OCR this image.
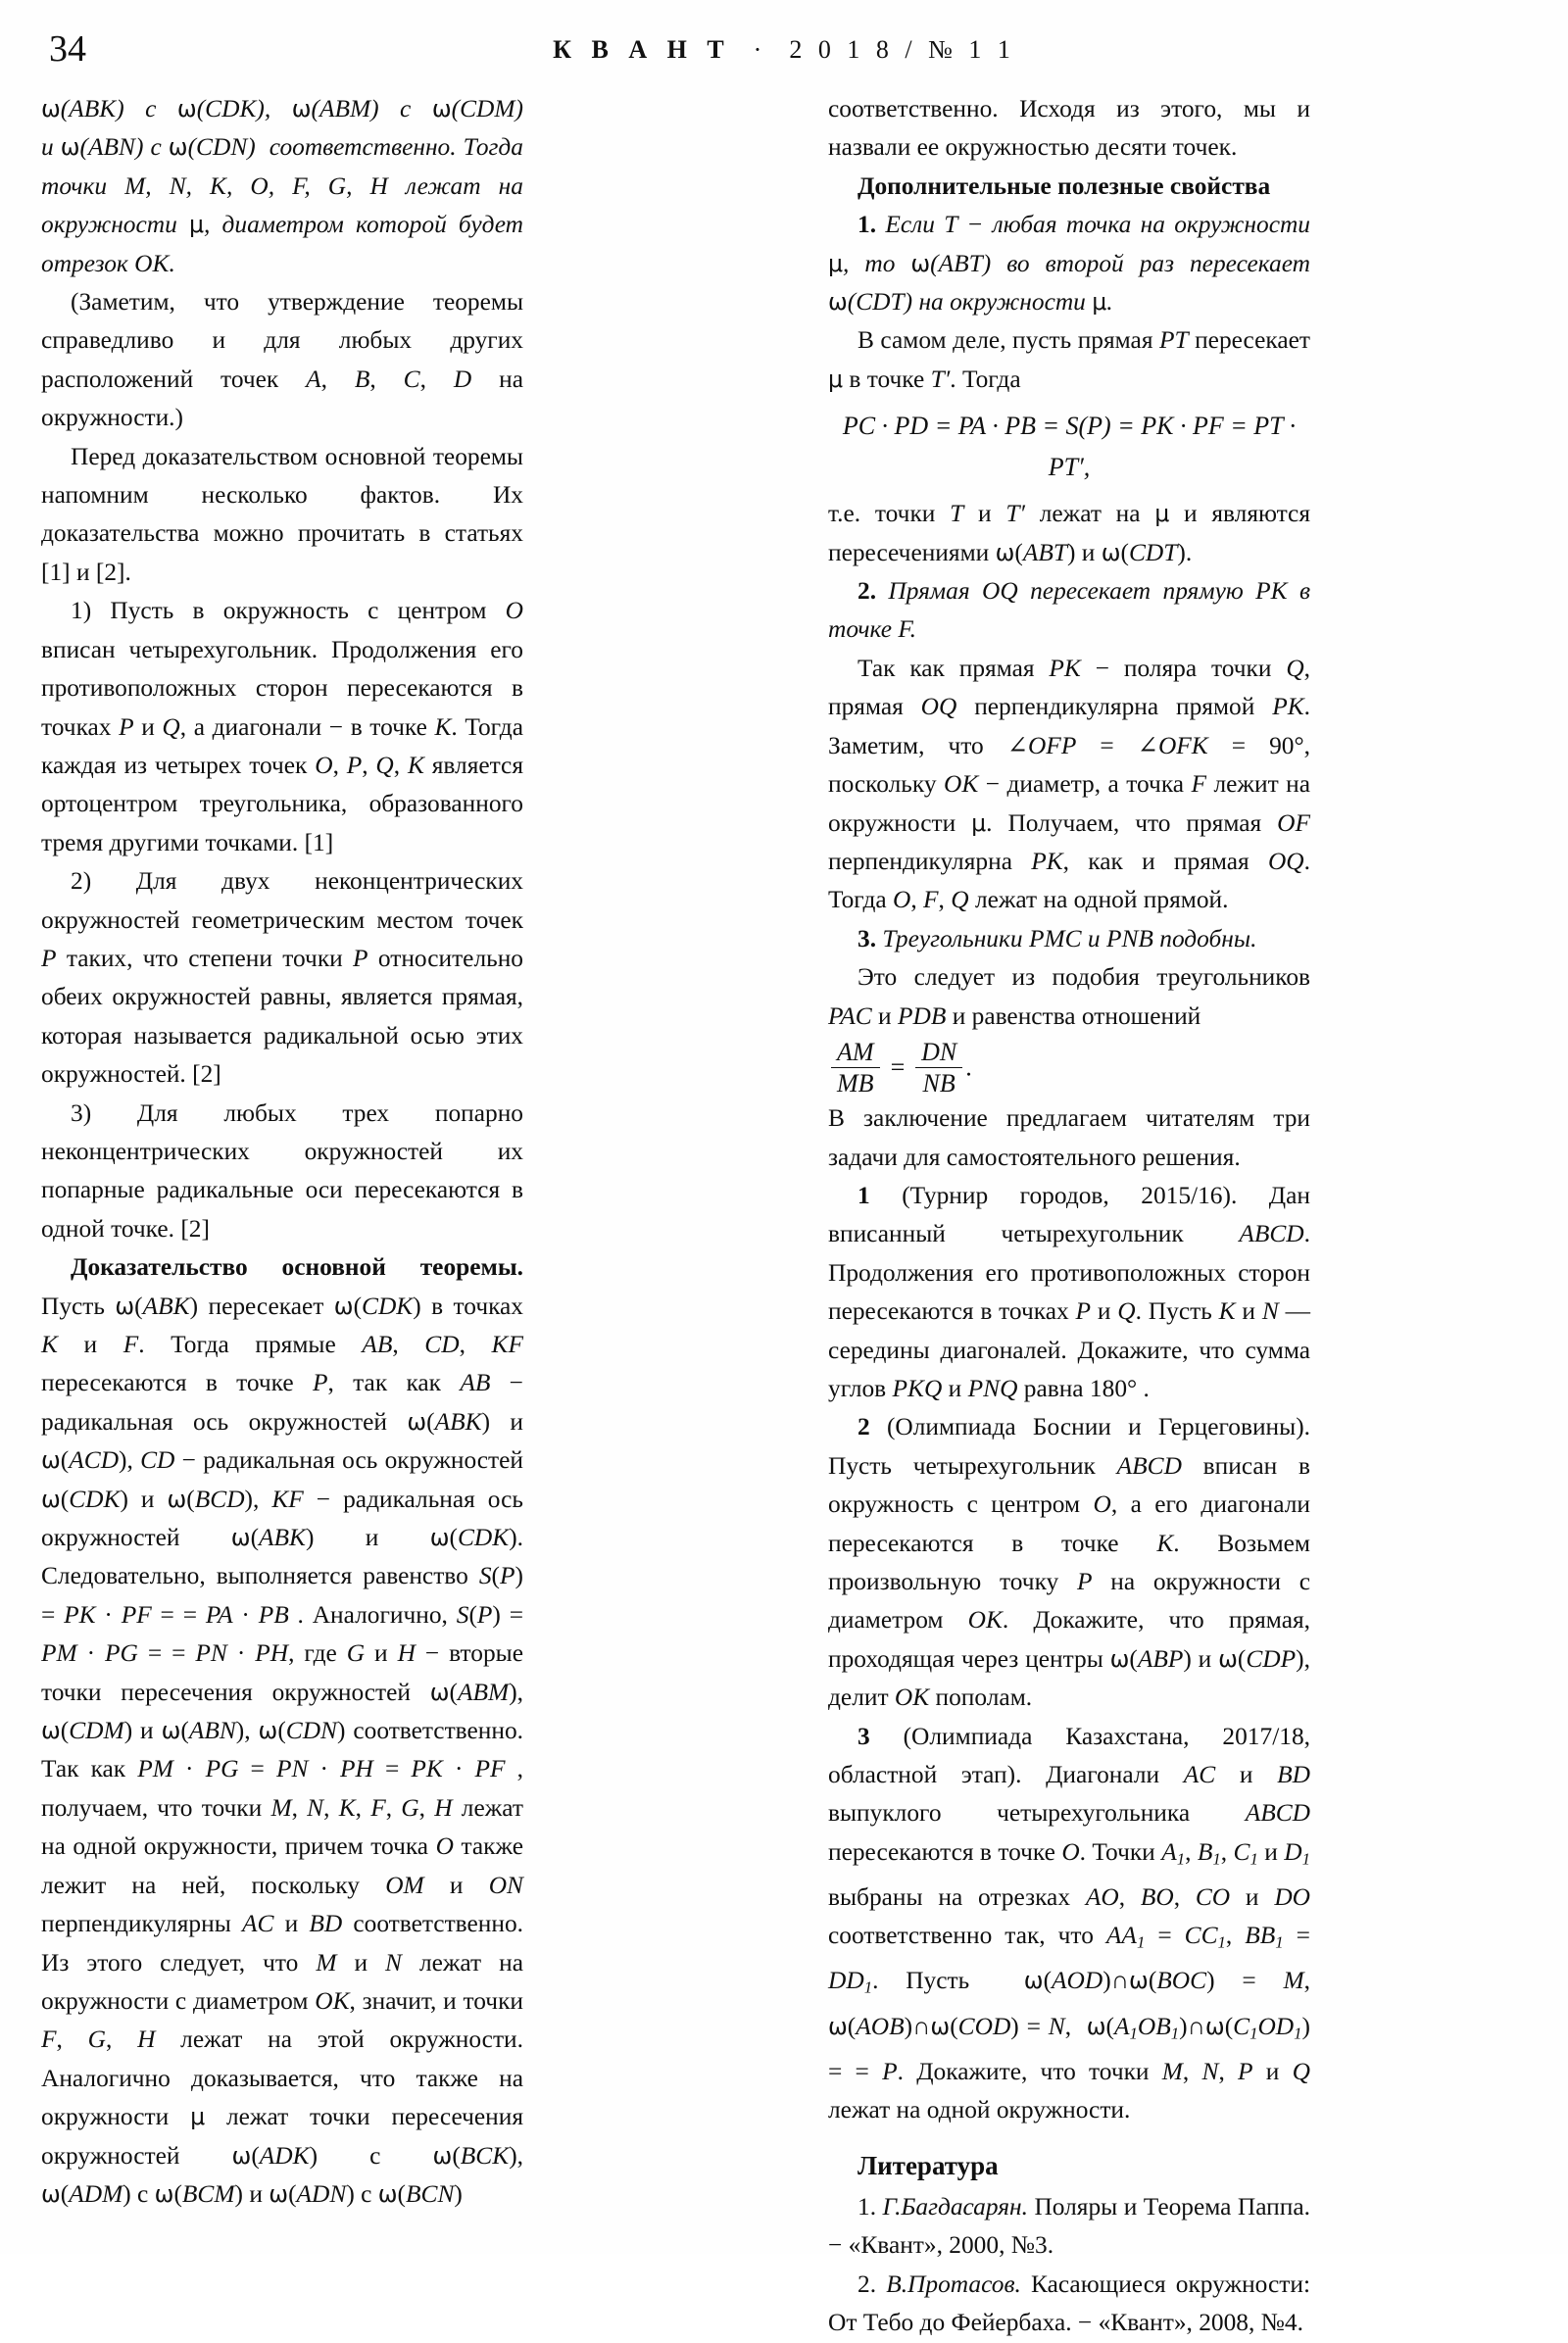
34	К В А Н Т · 2 0 1 8 / № 1 1

ω(ABK) c ω(CDK), ω(ABM) c ω(CDM) и ω(ABN) c ω(CDN)  соответственно. Тогда точки M, N, K, O, F, G, H лежат на окружности μ, диаметром которой будет отрезок OK.

(Заметим, что утверждение теоремы справедливо и для любых других расположений точек A, B, C, D на окружности.)

Перед доказательством основной теоремы напомним несколько фактов. Их доказательства можно прочитать в статьях [1] и [2].

1) Пусть в окружность с центром O вписан четырехугольник. Продолжения его противоположных сторон пересекаются в точках P и Q, а диагонали − в точке K. Тогда каждая из четырех точек O, P, Q, K является ортоцентром треугольника, образованного тремя другими точками. [1]

2) Для двух неконцентрических окружностей геометрическим местом точек P таких, что степени точки P относительно обеих окружностей равны, является прямая, которая называется радикальной осью этих окружностей. [2]

3) Для любых трех попарно неконцентрических окружностей их попарные радикальные оси пересекаются в одной точке. [2]

Доказательство основной теоремы. Пусть ω(ABK) пересекает ω(CDK) в точках K и F. Тогда прямые AB, CD, KF пересекаются в точке P, так как AB − радикальная ось окружностей ω(ABK) и ω(ACD), CD − радикальная ось окружностей ω(CDK) и ω(BCD), KF − радикальная ось окружностей ω(ABK) и ω(CDK). Следовательно, выполняется равенство S(P) = PK · PF = = PA · PB . Аналогично, S(P) = PM · PG = = PN · PH, где G и H − вторые точки пересечения окружностей ω(ABM), ω(CDM) и ω(ABN), ω(CDN) соответственно. Так как PM · PG = PN · PH = PK · PF , получаем, что точки M, N, K, F, G, H лежат на одной окружности, причем точка O также лежит на ней, поскольку OM и ON перпендикулярны AC и BD соответственно. Из этого следует, что M и N лежат на окружности с диаметром OK, значит, и точки F, G, H лежат на этой окружности. Аналогично доказывается, что также на окружности μ лежат точки пересечения окружностей ω(ADK) c ω(BCK), ω(ADM) c ω(BCM) и ω(ADN) c ω(BCN)

соответственно. Исходя из этого, мы и назвали ее окружностью десяти точек.

Дополнительные полезные свойства

1. Если T − любая точка на окружности μ, то ω(ABT) во второй раз пересекает ω(CDT) на окружности μ.

В самом деле, пусть прямая PT пересекает μ в точке T′. Тогда

PC · PD = PA · PB = S(P) = PK · PF = PT · PT′,

т.е. точки T и T′ лежат на μ и являются пересечениями ω(ABT) и ω(CDT).

2. Прямая OQ пересекает прямую PK в точке F.

Так как прямая PK − поляра точки Q, прямая OQ перпендикулярна прямой PK. Заметим, что ∠OFP = ∠OFK = 90°, поскольку OK − диаметр, а точка F лежит на окружности μ. Получаем, что прямая OF перпендикулярна PK, как и прямая OQ. Тогда O, F, Q лежат на одной прямой.

3. Треугольники PMC и PNB подобны.

Это следует из подобия треугольников PAC и PDB и равенства отношений

$\frac{AM}{MB} = \frac{DN}{NB}$ .

В заключение предлагаем читателям три задачи для самостоятельного решения.

1 (Турнир городов, 2015/16). Дан вписанный четырехугольник ABCD. Продолжения его противоположных сторон пересекаются в точках P и Q. Пусть K и N — середины диагоналей. Докажите, что сумма углов PKQ и PNQ равна 180° .

2 (Олимпиада Боснии и Герцеговины). Пусть четырехугольник ABCD вписан в окружность с центром O, а его диагонали пересекаются в точке K. Возьмем произвольную точку P на окружности с диаметром OK. Докажите, что прямая, проходящая через центры ω(ABP) и ω(CDP), делит OK пополам.

3 (Олимпиада Казахстана, 2017/18, областной этап). Диагонали AC и BD выпуклого четырехугольника ABCD пересекаются в точке O. Точки $A_1$, $B_1$, $C_1$ и $D_1$ выбраны на отрезках AO, BO, CO и DO соответственно так, что $AA_1 = CC_1$, $BB_1 = DD_1$. Пусть  ω(AOD)∩ω(BOC) = M, ω(AOB)∩ω(COD) = N,  $\omega(A_1OB_1)\cap\omega(C_1OD_1)$ = = P. Докажите, что точки M, N, P и Q лежат на одной окружности.

Литература

1. Г.Багдасарян. Поляры и Теорема Паппа. − «Квант», 2000, №3.

2. В.Протасов. Касающиеся окружности: От Тебо до Фейербаха. − «Квант», 2008, №4.
